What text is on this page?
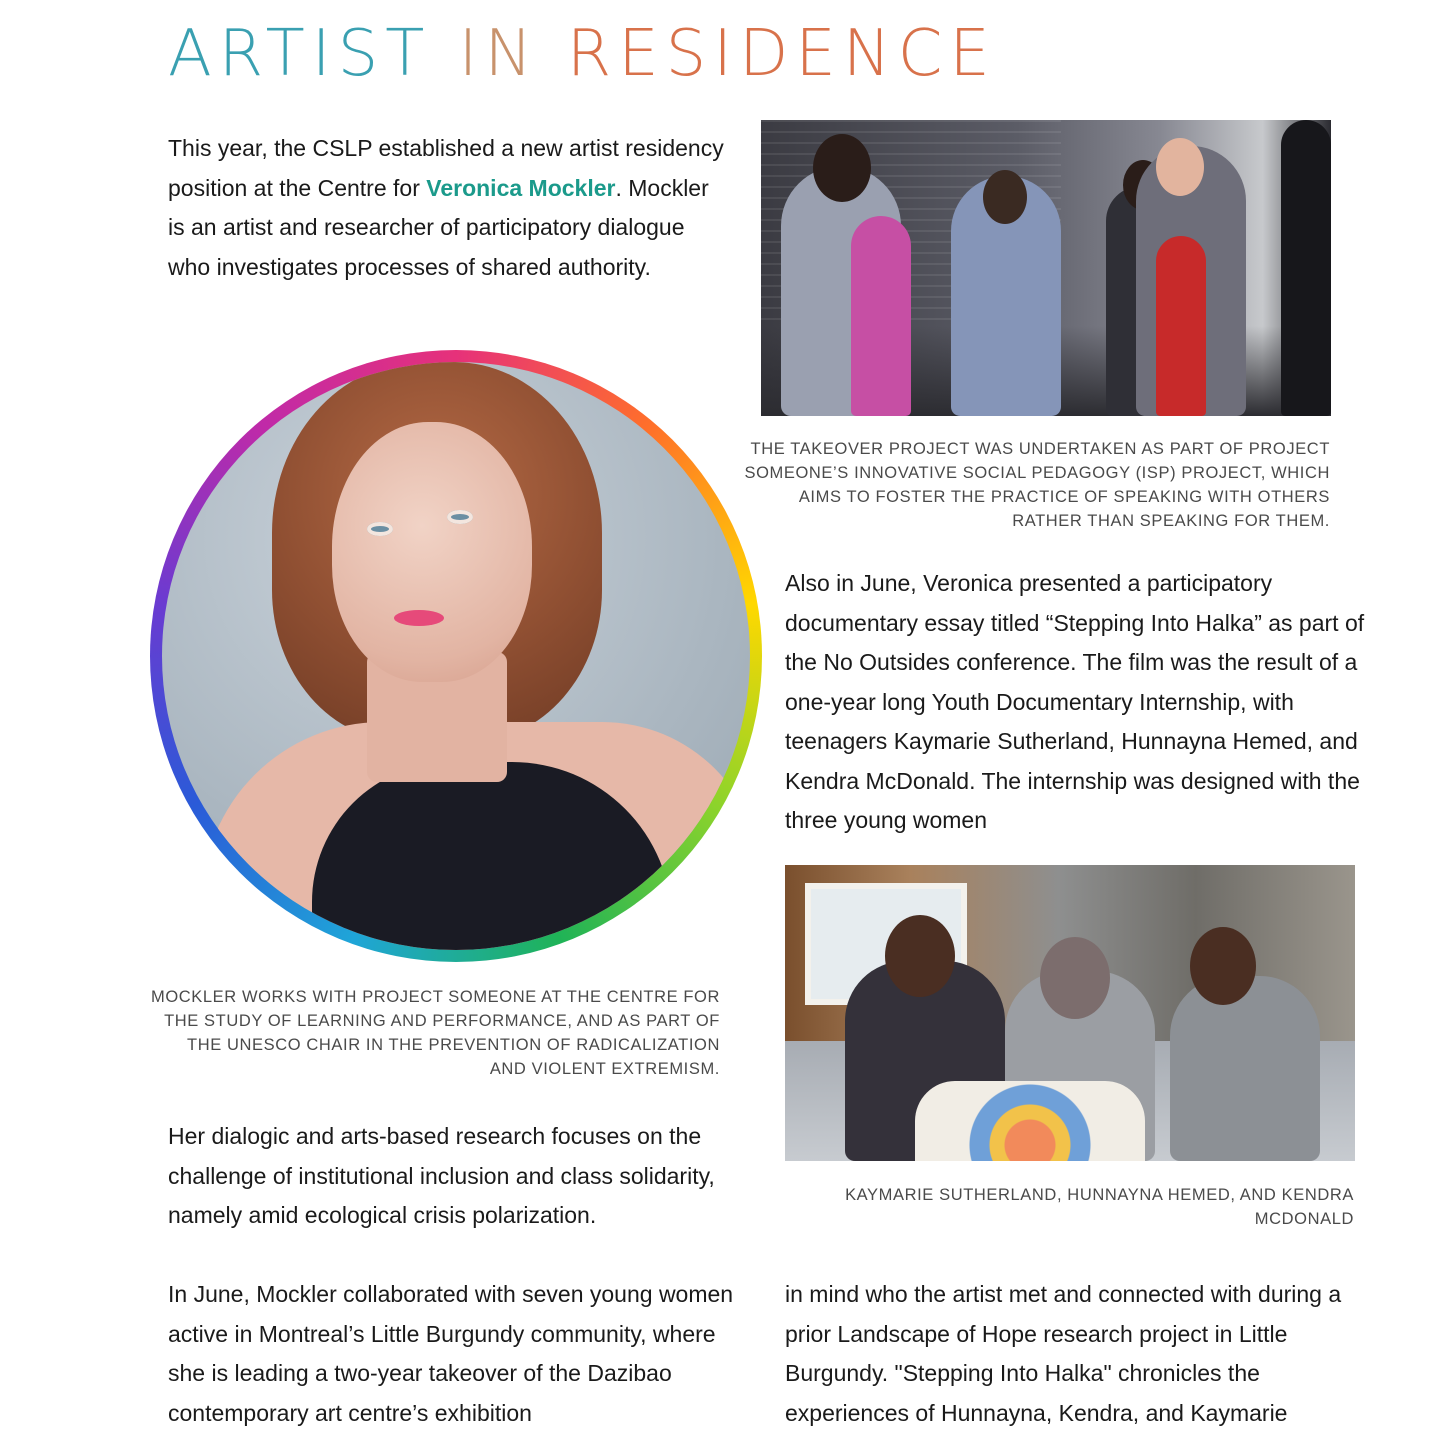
ARTIST IN RESIDENCE

This year, the CSLP established a new artist residency position at the Centre for Veronica Mockler. Mockler is an artist and researcher of participatory dialogue who investigates processes of shared authority.

THE TAKEOVER PROJECT WAS UNDERTAKEN AS PART OF PROJECT SOMEONE’S INNOVATIVE SOCIAL PEDAGOGY (ISP) PROJECT, WHICH AIMS TO FOSTER THE PRACTICE OF SPEAKING WITH OTHERS RATHER THAN SPEAKING FOR THEM.

MOCKLER WORKS WITH PROJECT SOMEONE AT THE CENTRE FOR THE STUDY OF LEARNING AND PERFORMANCE, AND AS PART OF THE UNESCO CHAIR IN THE PREVENTION OF RADICALIZATION AND VIOLENT EXTREMISM.

Also in June, Veronica presented a participatory documentary essay titled “Stepping Into Halka” as part of the No Outsides conference. The film was the result of a one-year long Youth Documentary Internship, with teenagers Kaymarie Sutherland, Hunnayna Hemed, and Kendra McDonald. The internship was designed with the three young women

KAYMARIE SUTHERLAND, HUNNAYNA HEMED, AND KENDRA MCDONALD

Her dialogic and arts-based research focuses on the challenge of institutional inclusion and class solidarity, namely amid ecological crisis polarization.

In June, Mockler collaborated with seven young women active in Montreal’s Little Burgundy community, where she is leading a two-year takeover of the Dazibao contemporary art centre’s exhibition

in mind who the artist met and connected with during a prior Landscape of Hope research project in Little Burgundy. "Stepping Into Halka" chronicles the experiences of Hunnayna, Kendra, and Kaymarie
